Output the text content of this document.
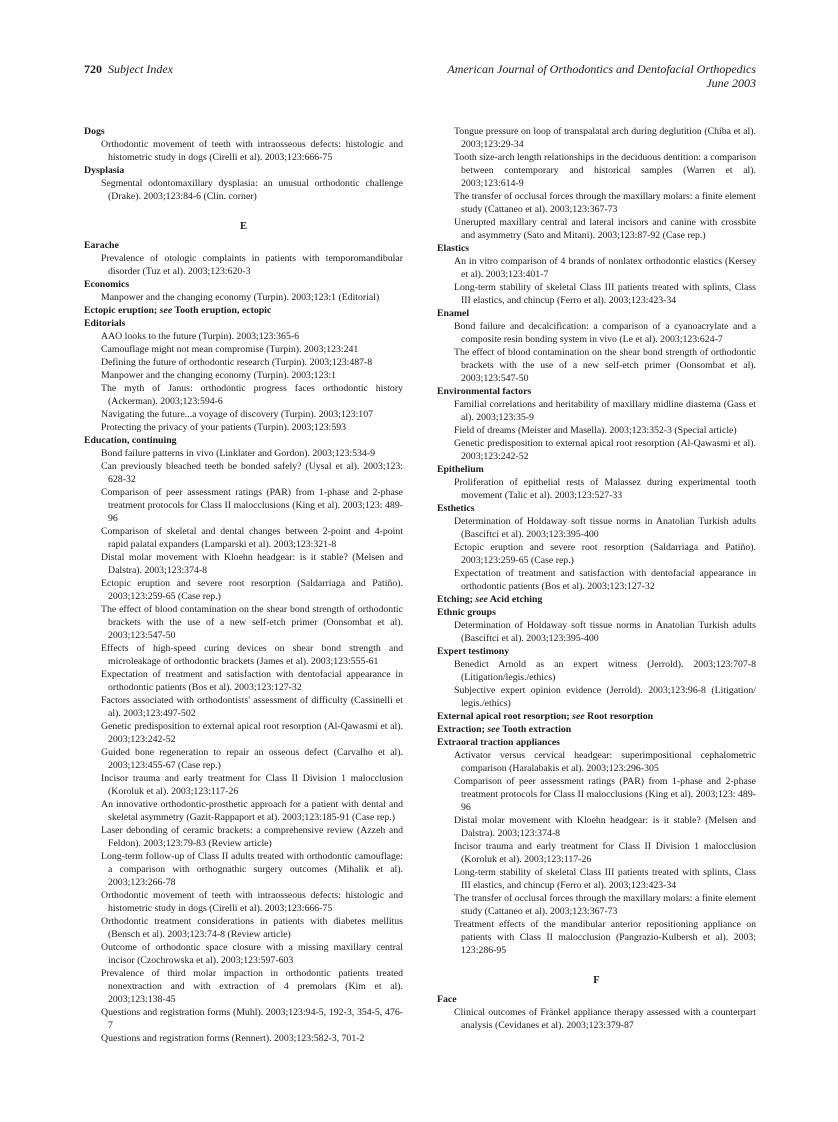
720 Subject Index	American Journal of Orthodontics and Dentofacial Orthopedics
June 2003
Dogs
Orthodontic movement of teeth with intraosseous defects: histologic and histometric study in dogs (Cirelli et al). 2003;123:666-75
Dysplasia
Segmental odontomaxillary dysplasia: an unusual orthodontic challenge (Drake). 2003;123:84-6 (Clin. corner)
E
Earache
Prevalence of otologic complaints in patients with temporomandibular disorder (Tuz et al). 2003;123:620-3
Economics
Manpower and the changing economy (Turpin). 2003;123:1 (Editorial)
Ectopic eruption; see Tooth eruption, ectopic
Editorials
AAO looks to the future (Turpin). 2003;123:365-6
Camouflage might not mean compromise (Turpin). 2003;123:241
Defining the future of orthodontic research (Turpin). 2003;123:487-8
Manpower and the changing economy (Turpin). 2003;123:1
The myth of Janus: orthodontic progress faces orthodontic history (Ackerman). 2003;123:594-6
Navigating the future...a voyage of discovery (Turpin). 2003;123:107
Protecting the privacy of your patients (Turpin). 2003;123:593
Education, continuing
Bond failure patterns in vivo (Linklater and Gordon). 2003;123:534-9
Can previously bleached teeth be bonded safely? (Uysal et al). 2003;123: 628-32
Comparison of peer assessment ratings (PAR) from 1-phase and 2-phase treatment protocols for Class II malocclusions (King et al). 2003;123: 489-96
Comparison of skeletal and dental changes between 2-point and 4-point rapid palatal expanders (Lamparski et al). 2003;123:321-8
Distal molar movement with Kloehn headgear: is it stable? (Melsen and Dalstra). 2003;123:374-8
Ectopic eruption and severe root resorption (Saldarriaga and Patiño). 2003;123:259-65 (Case rep.)
The effect of blood contamination on the shear bond strength of orthodontic brackets with the use of a new self-etch primer (Oonsombat et al). 2003;123:547-50
Effects of high-speed curing devices on shear bond strength and microleakage of orthodontic brackets (James et al). 2003;123:555-61
Expectation of treatment and satisfaction with dentofacial appearance in orthodontic patients (Bos et al). 2003;123:127-32
Factors associated with orthodontists' assessment of difficulty (Cassinelli et al). 2003;123:497-502
Genetic predisposition to external apical root resorption (Al-Qawasmi et al). 2003;123:242-52
Guided bone regeneration to repair an osseous defect (Carvalho et al). 2003;123:455-67 (Case rep.)
Incisor trauma and early treatment for Class II Division 1 malocclusion (Koroluk et al). 2003;123:117-26
An innovative orthodontic-prosthetic approach for a patient with dental and skeletal asymmetry (Gazit-Rappaport et al). 2003;123:185-91 (Case rep.)
Laser debonding of ceramic brackets: a comprehensive review (Azzeh and Feldon). 2003;123:79-83 (Review article)
Long-term follow-up of Class II adults treated with orthodontic camouflage: a comparison with orthognathic surgery outcomes (Mihalik et al). 2003;123:266-78
Orthodontic movement of teeth with intraosseous defects: histologic and histometric study in dogs (Cirelli et al). 2003;123:666-75
Orthodontic treatment considerations in patients with diabetes mellitus (Bensch et al). 2003;123:74-8 (Review article)
Outcome of orthodontic space closure with a missing maxillary central incisor (Czochrowska et al). 2003;123:597-603
Prevalence of third molar impaction in orthodontic patients treated nonextraction and with extraction of 4 premolars (Kim et al). 2003;123:138-45
Questions and registration forms (Muhl). 2003;123:94-5, 192-3, 354-5, 476-7
Questions and registration forms (Rennert). 2003;123:582-3, 701-2
Tongue pressure on loop of transpalatal arch during deglutition (Chiba et al). 2003;123:29-34
Tooth size-arch length relationships in the deciduous dentition: a comparison between contemporary and historical samples (Warren et al). 2003;123:614-9
The transfer of occlusal forces through the maxillary molars: a finite element study (Cattaneo et al). 2003;123:367-73
Unerupted maxillary central and lateral incisors and canine with crossbite and asymmetry (Sato and Mitani). 2003;123:87-92 (Case rep.)
Elastics
An in vitro comparison of 4 brands of nonlatex orthodontic elastics (Kersey et al). 2003;123:401-7
Long-term stability of skeletal Class III patients treated with splints, Class III elastics, and chincup (Ferro et al). 2003;123:423-34
Enamel
Bond failure and decalcification: a comparison of a cyanoacrylate and a composite resin bonding system in vivo (Le et al). 2003;123:624-7
The effect of blood contamination on the shear bond strength of orthodontic brackets with the use of a new self-etch primer (Oonsombat et al). 2003;123:547-50
Environmental factors
Familial correlations and heritability of maxillary midline diastema (Gass et al). 2003;123:35-9
Field of dreams (Meister and Masella). 2003;123:352-3 (Special article)
Genetic predisposition to external apical root resorption (Al-Qawasmi et al). 2003;123:242-52
Epithelium
Proliferation of epithelial rests of Malassez during experimental tooth movement (Talic et al). 2003;123:527-33
Esthetics
Determination of Holdaway soft tissue norms in Anatolian Turkish adults (Basciftci et al). 2003;123:395-400
Ectopic eruption and severe root resorption (Saldarriaga and Patiño). 2003;123:259-65 (Case rep.)
Expectation of treatment and satisfaction with dentofacial appearance in orthodontic patients (Bos et al). 2003;123:127-32
Etching; see Acid etching
Ethnic groups
Determination of Holdaway soft tissue norms in Anatolian Turkish adults (Basciftci et al). 2003;123:395-400
Expert testimony
Benedict Arnold as an expert witness (Jerrold). 2003;123:707-8 (Litigation/legis./ethics)
Subjective expert opinion evidence (Jerrold). 2003;123:96-8 (Litigation/ legis./ethics)
External apical root resorption; see Root resorption
Extraction; see Tooth extraction
Extraoral traction appliances
Activator versus cervical headgear: superimpositional cephalometric comparison (Haralabakis et al). 2003;123:296-305
Comparison of peer assessment ratings (PAR) from 1-phase and 2-phase treatment protocols for Class II malocclusions (King et al). 2003;123: 489-96
Distal molar movement with Kloehn headgear: is it stable? (Melsen and Dalstra). 2003;123:374-8
Incisor trauma and early treatment for Class II Division 1 malocclusion (Koroluk et al). 2003;123:117-26
Long-term stability of skeletal Class III patients treated with splints, Class III elastics, and chincup (Ferro et al). 2003;123:423-34
The transfer of occlusal forces through the maxillary molars: a finite element study (Cattaneo et al). 2003;123:367-73
Treatment effects of the mandibular anterior repositioning appliance on patients with Class II malocclusion (Pangrazio-Kulbersh et al). 2003; 123:286-95
F
Face
Clinical outcomes of Fränkel appliance therapy assessed with a counterpart analysis (Cevidanes et al). 2003;123:379-87
